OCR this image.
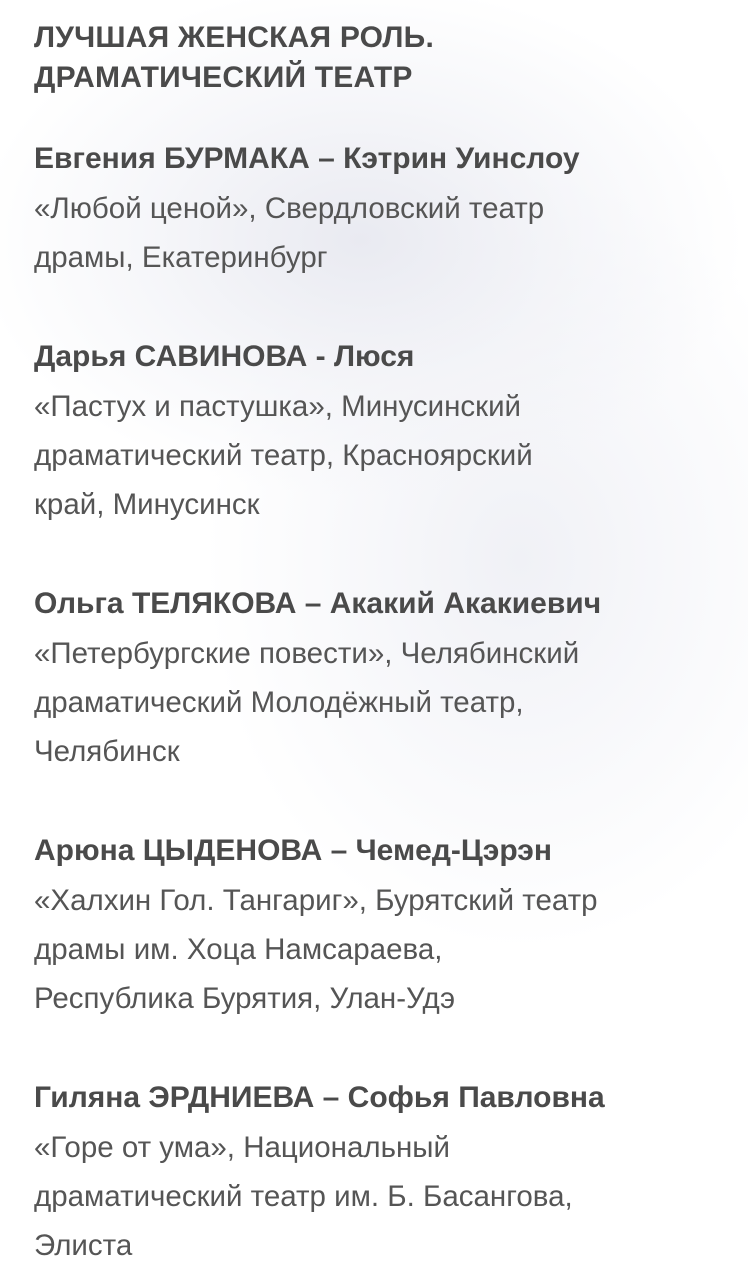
ЛУЧШАЯ ЖЕНСКАЯ РОЛЬ.
ДРАМАТИЧЕСКИЙ ТЕАТР
Евгения БУРМАКА – Кэтрин Уинслоу
«Любой ценой», Свердловский театр
драмы, Екатеринбург
Дарья САВИНОВА - Люся
«Пастух и пастушка», Минусинский
драматический театр, Красноярский
край, Минусинск
Ольга ТЕЛЯКОВА – Акакий Акакиевич
«Петербургские повести», Челябинский
драматический Молодёжный театр,
Челябинск
Арюна ЦЫДЕНОВА – Чемед-Цэрэн
«Халхин Гол. Тангариг», Бурятский театр
драмы им. Хоца Намсараева,
Республика Бурятия, Улан-Удэ
Гиляна ЭРДНИЕВА – Софья Павловна
«Горе от ума», Национальный
драматический театр им. Б. Басангова,
Элиста
